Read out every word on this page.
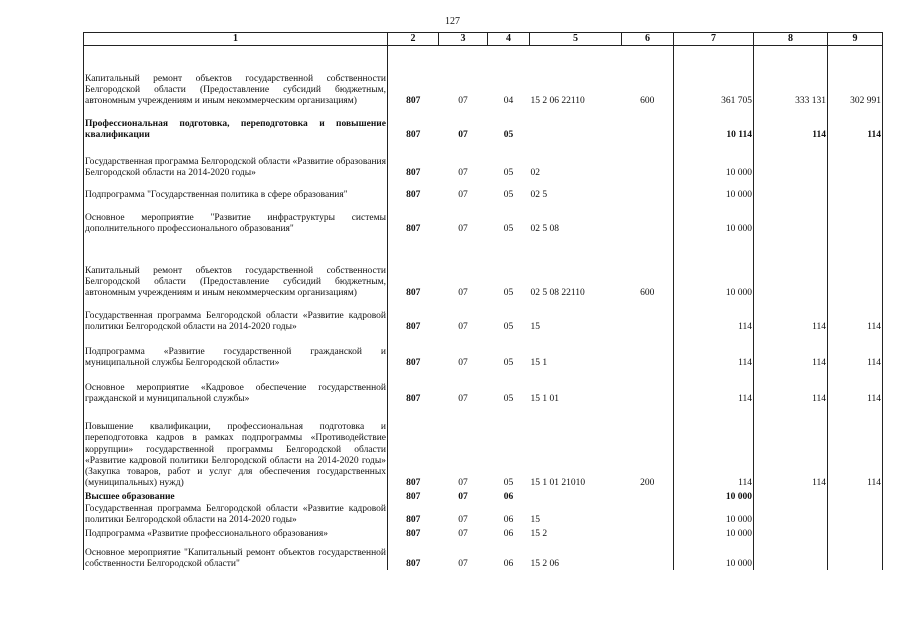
127
1	2	3	4	5	6	7	8	9
Капитальный ремонт объектов государственной собственности Белгородской области (Предоставление субсидий бюджетным, автономным учреждениям и иным некоммерческим организациям)	807	07	04	15 2 06 22110	600	361 705	333 131	302 991
Профессиональная подготовка, переподготовка и повышение квалификации	807	07	05			10 114	114	114
Государственная программа Белгородской области «Развитие образования Белгородской области на 2014-2020 годы»	807	07	05	02		10 000		
Подпрограмма "Государственная политика в сфере образования"	807	07	05	02 5		10 000		
Основное мероприятие "Развитие инфраструктуры системы дополнительного профессионального образования"	807	07	05	02 5 08		10 000		
Капитальный ремонт объектов государственной собственности Белгородской области (Предоставление субсидий бюджетным, автономным учреждениям и иным некоммерческим организациям)	807	07	05	02 5 08 22110	600	10 000		
Государственная программа Белгородской области «Развитие кадровой политики Белгородской области на 2014-2020 годы»	807	07	05	15		114	114	114
Подпрограмма «Развитие государственной гражданской и муниципальной службы Белгородской области»	807	07	05	15 1		114	114	114
Основное мероприятие «Кадровое обеспечение государственной гражданской и муниципальной службы»	807	07	05	15 1 01		114	114	114
Повышение квалификации, профессиональная подготовка и переподготовка кадров в рамках подпрограммы «Противодействие коррупции» государственной программы Белгородской области «Развитие кадровой политики Белгородской области на 2014-2020 годы» (Закупка товаров, работ и услуг для обеспечения государственных (муниципальных) нужд)	807	07	05	15 1 01 21010	200	114	114	114
Высшее образование	807	07	06			10 000		
Государственная программа Белгородской области «Развитие кадровой политики Белгородской области на 2014-2020 годы»	807	07	06	15		10 000		
Подпрограмма «Развитие профессионального образования»	807	07	06	15 2		10 000		
Основное мероприятие "Капитальный ремонт объектов государственной собственности Белгородской области"	807	07	06	15 2 06		10 000		
